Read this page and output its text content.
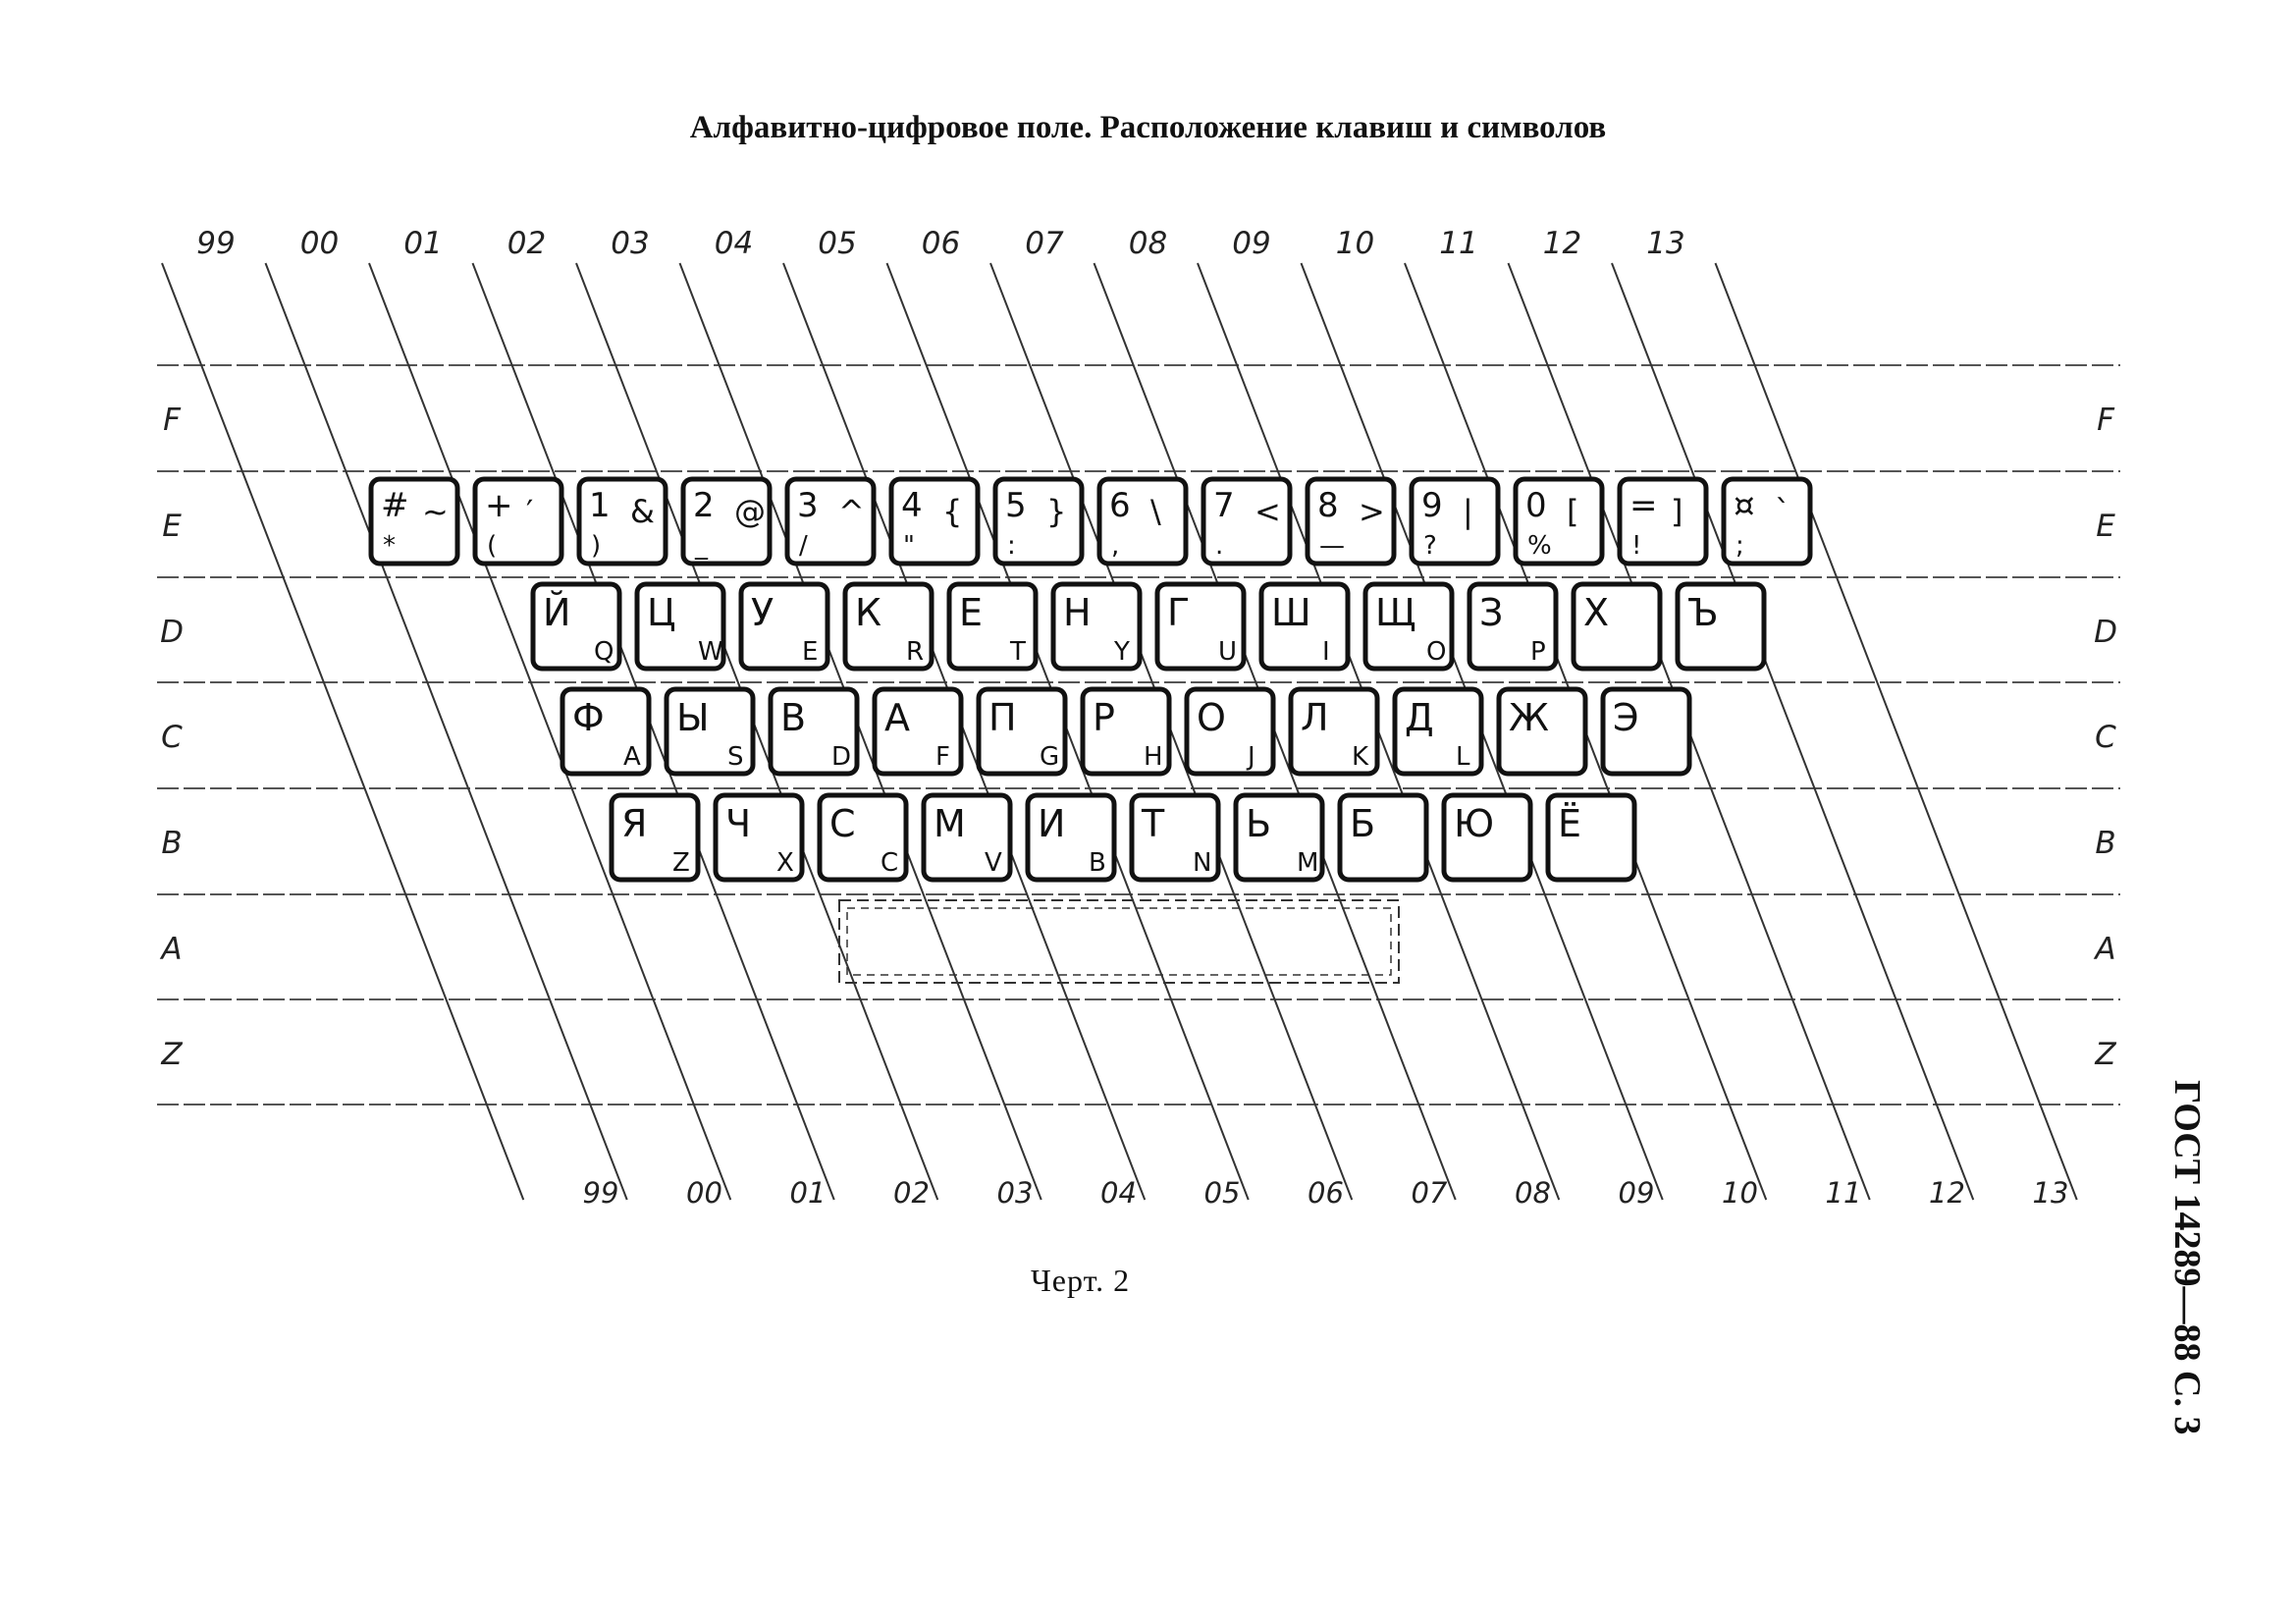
Алфавитно-цифровое поле. Расположение клавиш и символов
# ~
*
+ ′
(
1 &
)
2 @
_
3 ^
/
4 {
"
5 }
:
6 \
,
7 <
.
8 >
—
9 |
?
0 [
%
= ]
!
¤ `
;
Й
Q
Ц
W
У
E
К
R
Е
T
Н
Y
Г
U
Ш
I
Щ
O
З
P
Х Ъ
Ф
A
Ы
S
В
D
А
F
П
G
Р
H
О
J
Л
K
Д
L
Ж Э
Я
Z
Ч
X
С
C
М
V
И
B
Т
N
Ь
M
Б Ю Ё
99 00 01 02 03 04 05 06 07 08 09 10 11 12 13
99 00 01 02 03 04 05 06 07 08 09 10 11 12 13
F	F
E	E
D	D
C	C
B	B
A	A
Z	Z
Черт. 2	ГОСТ 14289—88 С. 3
